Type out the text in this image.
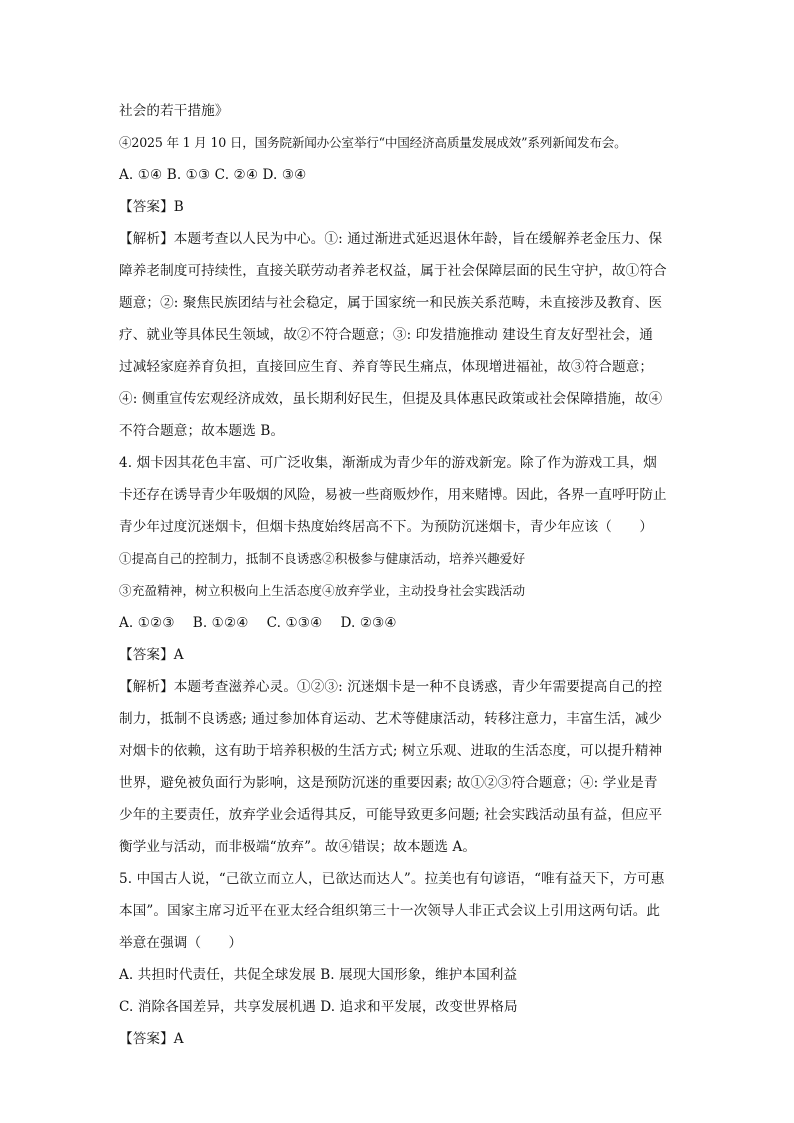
社会的若干措施》
④2025 年 1 月 10 日，国务院新闻办公室举行“中国经济高质量发展成效”系列新闻发布会。
A. ①④ B. ①③ C. ②④ D. ③④
【答案】B
【解析】本题考查以人民为中心。①: 通过渐进式延迟退休年龄，旨在缓解养老金压力、保
障养老制度可持续性，直接关联劳动者养老权益，属于社会保障层面的民生守护，故①符合
题意；②: 聚焦民族团结与社会稳定，属于国家统一和民族关系范畴，未直接涉及教育、医
疗、就业等具体民生领域，故②不符合题意；③: 印发措施推动 建设生育友好型社会，通
过减轻家庭养育负担，直接回应生育、养育等民生痛点，体现增进福祉，故③符合题意；
④: 侧重宣传宏观经济成效，虽长期利好民生，但提及具体惠民政策或社会保障措施，故④
不符合题意；故本题选 B。
4. 烟卡因其花色丰富、可广泛收集，渐渐成为青少年的游戏新宠。除了作为游戏工具，烟
卡还存在诱导青少年吸烟的风险，易被一些商贩炒作，用来赌博。因此，各界一直呼吁防止
青少年过度沉迷烟卡，但烟卡热度始终居高不下。为预防沉迷烟卡，青少年应该（　　）
①提高自己的控制力，抵制不良诱惑②积极参与健康活动，培养兴趣爱好
③充盈精神，树立积极向上生活态度④放弃学业，主动投身社会实践活动
A. ①②③　 B. ①②④　 C. ①③④　 D. ②③④
【答案】A
【解析】本题考查滋养心灵。①②③: 沉迷烟卡是一种不良诱惑，青少年需要提高自己的控
制力，抵制不良诱惑; 通过参加体育运动、艺术等健康活动，转移注意力，丰富生活，减少
对烟卡的依赖，这有助于培养积极的生活方式; 树立乐观、进取的生活态度，可以提升精神
世界，避免被负面行为影响，这是预防沉迷的重要因素; 故①②③符合题意；④: 学业是青
少年的主要责任，放弃学业会适得其反，可能导致更多问题; 社会实践活动虽有益，但应平
衡学业与活动，而非极端“放弃”。故④错误；故本题选 A。
5. 中国古人说，“己欲立而立人，已欲达而达人”。拉美也有句谚语，“唯有益天下，方可惠
本国”。国家主席习近平在亚太经合组织第三十一次领导人非正式会议上引用这两句话。此
举意在强调（　　）
A. 共担时代责任，共促全球发展 B. 展现大国形象，维护本国利益
C. 消除各国差异，共享发展机遇 D. 追求和平发展，改变世界格局
【答案】A
